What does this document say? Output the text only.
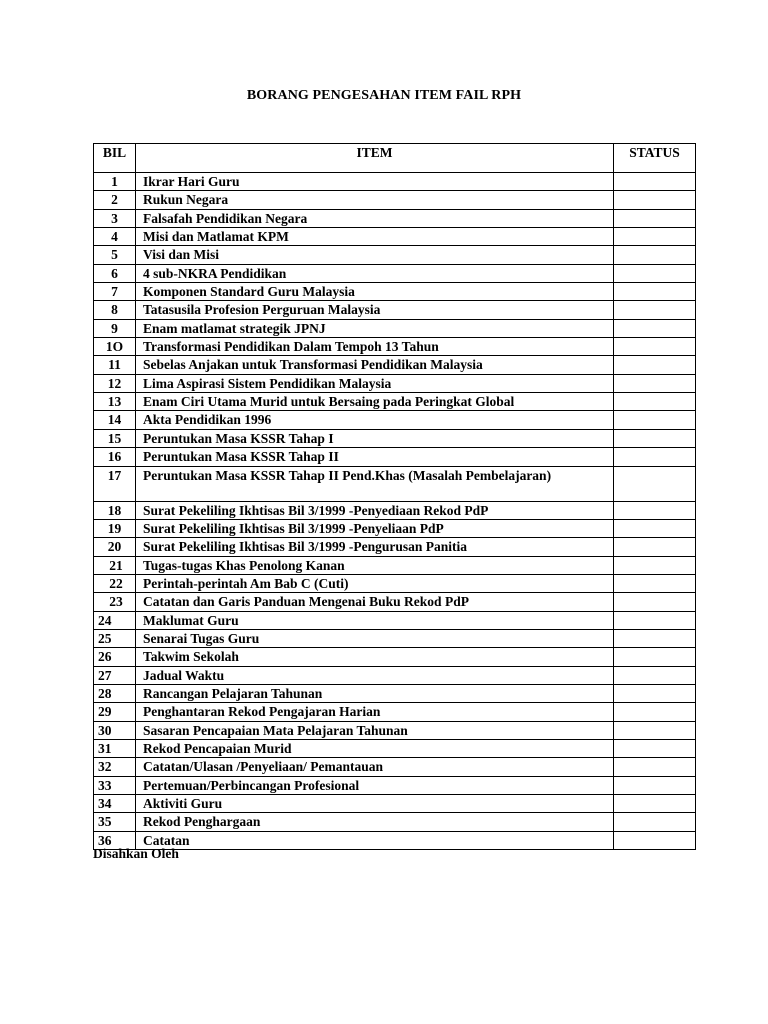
BORANG PENGESAHAN ITEM FAIL RPH
BIL	ITEM	STATUS
1	Ikrar Hari Guru	
2	Rukun Negara	
3	Falsafah Pendidikan Negara	
4	Misi dan Matlamat KPM	
5	Visi dan Misi	
6	4 sub-NKRA Pendidikan	
7	Komponen Standard Guru Malaysia	
8	Tatasusila Profesion Perguruan Malaysia	
9	Enam matlamat strategik JPNJ	
1O	Transformasi Pendidikan Dalam Tempoh 13 Tahun	
11	Sebelas Anjakan untuk Transformasi Pendidikan Malaysia	
12	Lima Aspirasi Sistem Pendidikan Malaysia	
13	Enam Ciri Utama Murid untuk Bersaing pada Peringkat Global	
14	Akta Pendidikan 1996	
15	Peruntukan Masa KSSR Tahap I	
16	Peruntukan Masa KSSR Tahap II	
17	Peruntukan Masa KSSR Tahap II Pend.Khas (Masalah Pembelajaran)	
18	Surat Pekeliling Ikhtisas Bil 3/1999 -Penyediaan Rekod PdP	
19	Surat Pekeliling Ikhtisas Bil 3/1999 -Penyeliaan PdP	
20	Surat Pekeliling Ikhtisas Bil 3/1999 -Pengurusan Panitia	
21	Tugas-tugas Khas Penolong Kanan	
22	Perintah-perintah Am Bab C (Cuti)	
23	Catatan dan Garis Panduan Mengenai Buku Rekod PdP	
24	Maklumat Guru	
25	Senarai Tugas Guru	
26	Takwim Sekolah	
27	Jadual Waktu	
28	Rancangan Pelajaran Tahunan	
29	Penghantaran Rekod Pengajaran Harian	
30	Sasaran Pencapaian Mata Pelajaran Tahunan	
31	Rekod Pencapaian Murid	
32	Catatan/Ulasan /Penyeliaan/ Pemantauan	
33	Pertemuan/Perbincangan Profesional	
34	Aktiviti Guru	
35	Rekod Penghargaan	
36	Catatan	
Disahkan Oleh
